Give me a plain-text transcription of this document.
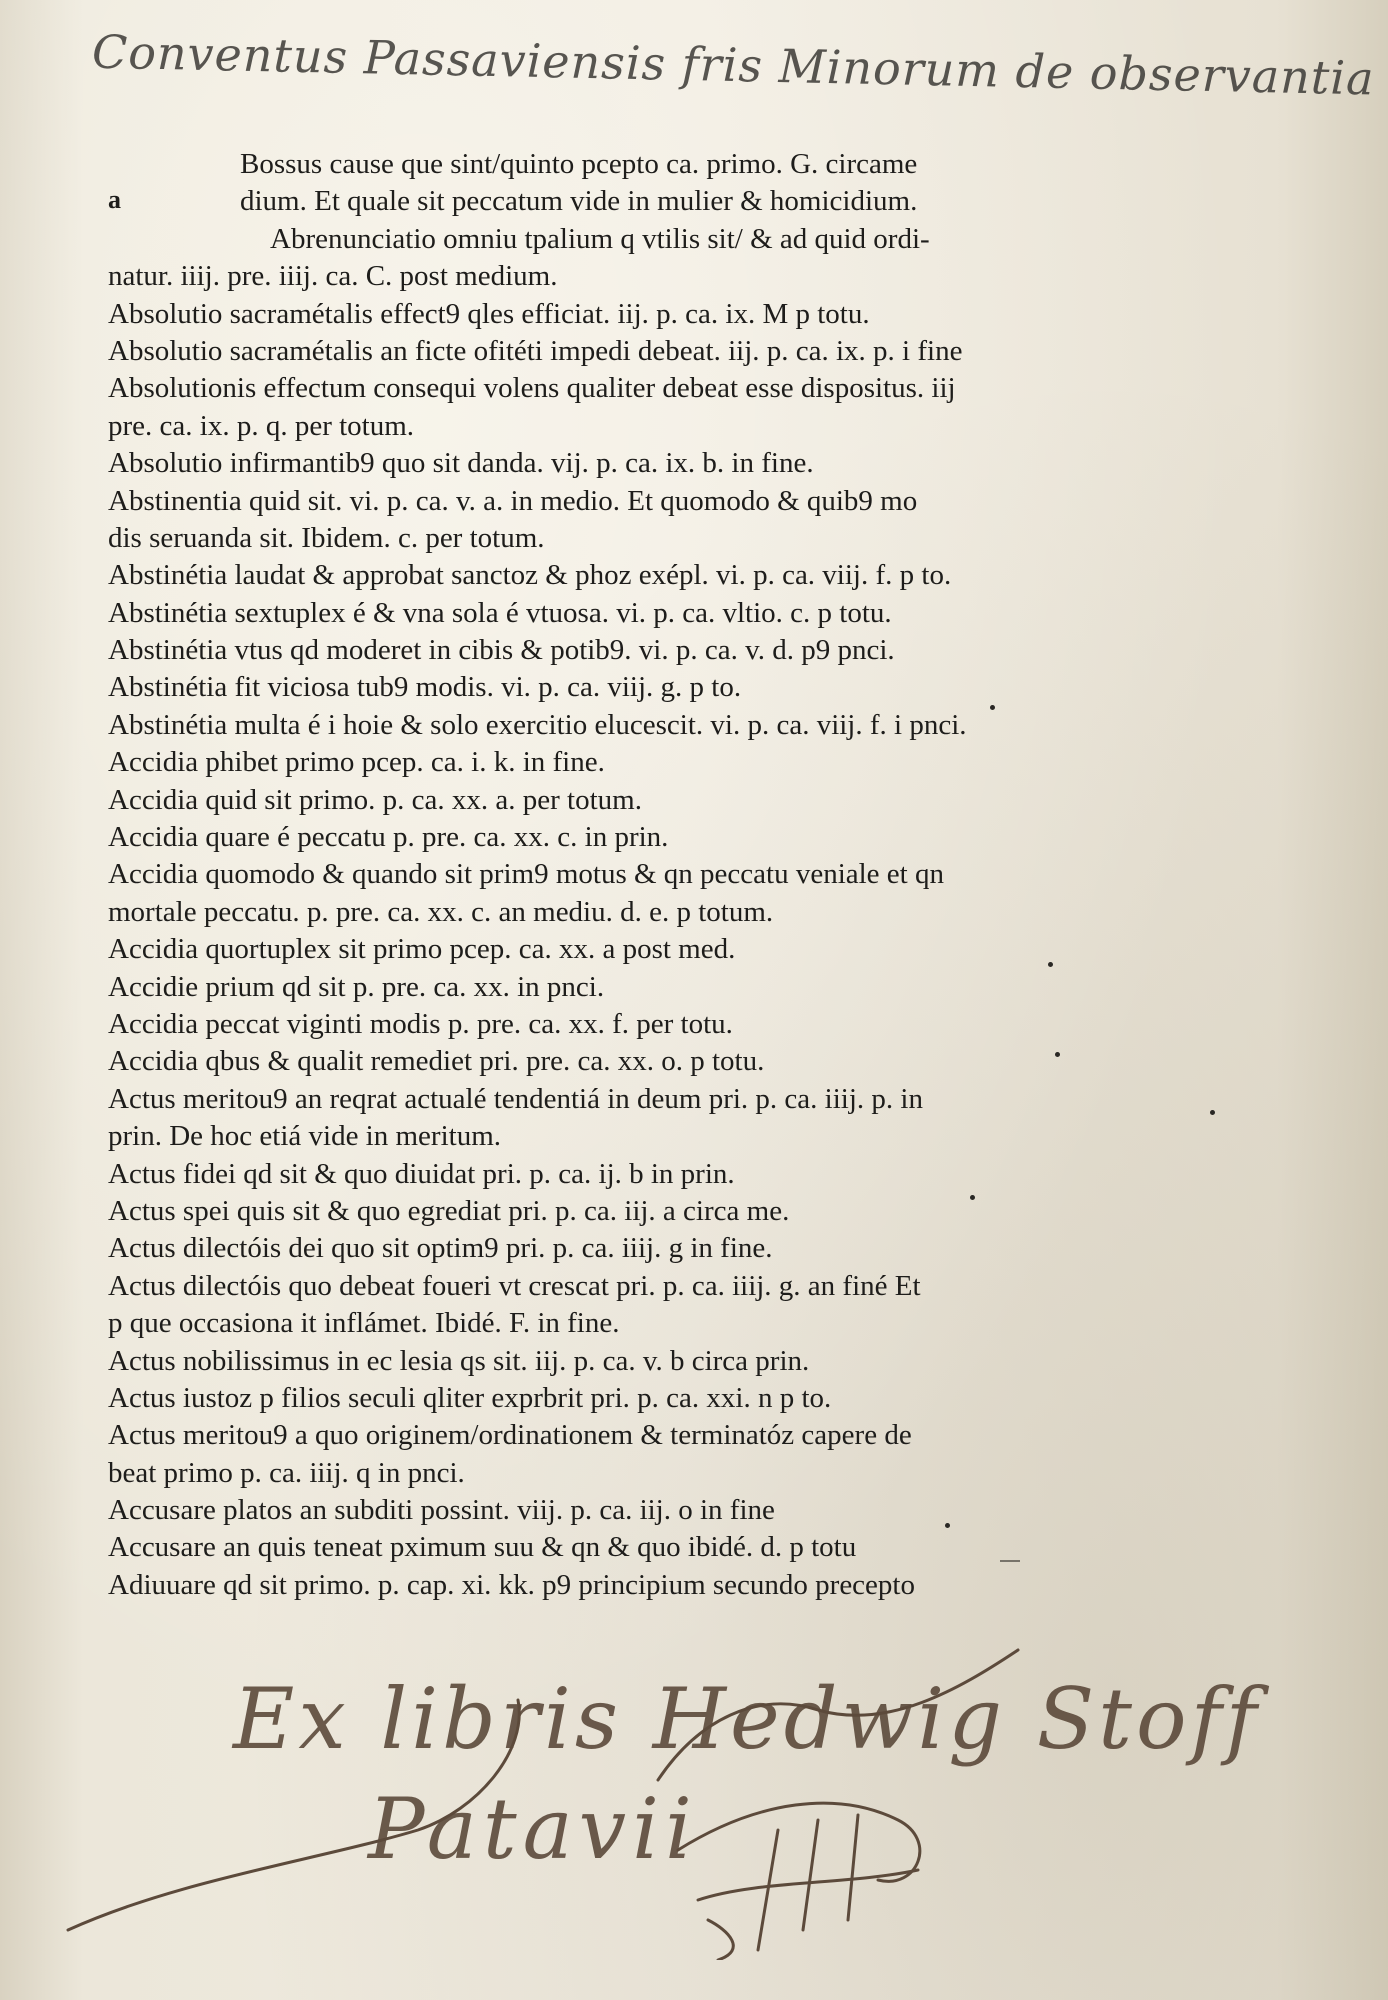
Conventus Passaviensis fris Minorum de observantia
a
Bossus cause que sint/quinto pcepto ca. primo. G. circame
dium. Et quale sit peccatum vide in mulier & homicidium.
Abrenunciatio omniu tpalium q vtilis sit/ & ad quid ordi-
natur. iiij. pre. iiij. ca. C. post medium.
Absolutio sacramétalis effect9 qles efficiat. iij. p. ca. ix. M p totu.
Absolutio sacramétalis an ficte ofitéti impedi debeat. iij. p. ca. ix. p. i fine
Absolutionis effectum consequi volens qualiter debeat esse dispositus. iij
pre. ca. ix. p. q. per totum.
Absolutio infirmantib9 quo sit danda. vij. p. ca. ix. b. in fine.
Abstinentia quid sit. vi. p. ca. v. a. in medio. Et quomodo & quib9 mo
dis seruanda sit. Ibidem. c. per totum.
Abstinétia laudat & approbat sanctoz & phoz exépl. vi. p. ca. viij. f. p to.
Abstinétia sextuplex é & vna sola é vtuosa. vi. p. ca. vltio. c. p totu.
Abstinétia vtus qd moderet in cibis & potib9. vi. p. ca. v. d. p9 pnci.
Abstinétia fit viciosa tub9 modis. vi. p. ca. viij. g. p to.
Abstinétia multa é i hoie & solo exercitio elucescit. vi. p. ca. viij. f. i pnci.
Accidia phibet primo pcep. ca. i. k. in fine.
Accidia quid sit primo. p. ca. xx. a. per totum.
Accidia quare é peccatu p. pre. ca. xx. c. in prin.
Accidia quomodo & quando sit prim9 motus & qn peccatu veniale et qn
mortale peccatu. p. pre. ca. xx. c. an mediu. d. e. p totum.
Accidia quortuplex sit primo pcep. ca. xx. a post med.
Accidie prium qd sit p. pre. ca. xx. in pnci.
Accidia peccat viginti modis p. pre. ca. xx. f. per totu.
Accidia qbus & qualit remediet pri. pre. ca. xx. o. p totu.
Actus meritou9 an reqrat actualé tendentiá in deum pri. p. ca. iiij. p. in
prin. De hoc etiá vide in meritum.
Actus fidei qd sit & quo diuidat pri. p. ca. ij. b in prin.
Actus spei quis sit & quo egrediat pri. p. ca. iij. a circa me.
Actus dilectóis dei quo sit optim9 pri. p. ca. iiij. g in fine.
Actus dilectóis quo debeat foueri vt crescat pri. p. ca. iiij. g. an finé Et
p que occasiona it inflámet. Ibidé. F. in fine.
Actus nobilissimus in ec lesia qs sit. iij. p. ca. v. b circa prin.
Actus iustoz p filios seculi qliter exprbrit pri. p. ca. xxi. n p to.
Actus meritou9 a quo originem/ordinationem & terminatóz capere de
beat primo p. ca. iiij. q in pnci.
Accusare platos an subditi possint. viij. p. ca. iij. o in fine
Accusare an quis teneat pximum suu & qn & quo ibidé. d. p totu
Adiuuare qd sit primo. p. cap. xi. kk. p9 principium secundo precepto
Ex libris Hedwig Stoff
Patavii
